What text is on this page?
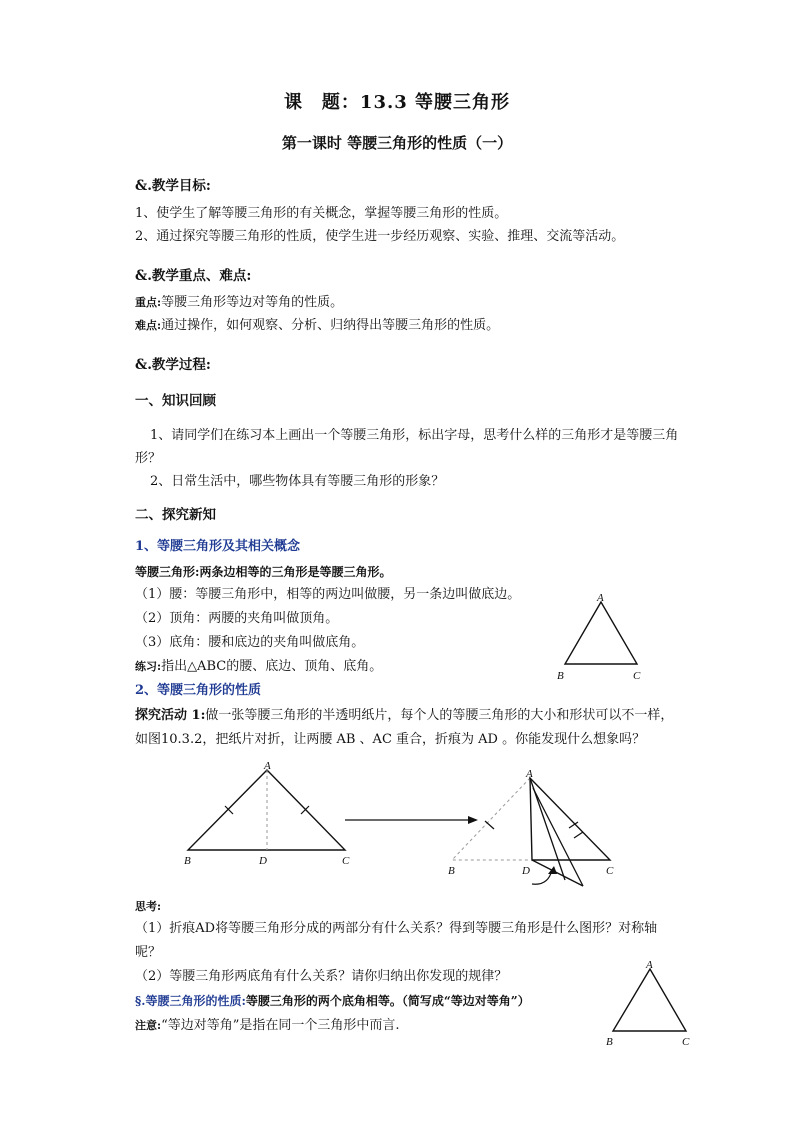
课　题：13.3 等腰三角形
第一课时 等腰三角形的性质（一）
&.教学目标:
1、使学生了解等腰三角形的有关概念，掌握等腰三角形的性质。
2、通过探究等腰三角形的性质，使学生进一步经历观察、实验、推理、交流等活动。
&.教学重点、难点:
重点:等腰三角形等边对等角的性质。
难点:通过操作，如何观察、分析、归纳得出等腰三角形的性质。
&.教学过程:
一、知识回顾
1、请同学们在练习本上画出一个等腰三角形，标出字母，思考什么样的三角形才是等腰三角
形？
2、日常生活中，哪些物体具有等腰三角形的形象？
二、探究新知
1、等腰三角形及其相关概念
等腰三角形:两条边相等的三角形是等腰三角形。
（1）腰：等腰三角形中，相等的两边叫做腰，另一条边叫做底边。
（2）顶角：两腰的夹角叫做顶角。
（3）底角：腰和底边的夹角叫做底角。
练习:指出△ABC的腰、底边、顶角、底角。
A
B	C
2、等腰三角形的性质
探究活动 1:做一张等腰三角形的半透明纸片，每个人的等腰三角形的大小和形状可以不一样，
如图10.3.2，把纸片对折，让两腰 AB 、AC 重合，折痕为 AD 。你能发现什么想象吗？
A
B	D	C
A
B	D	C
思考:
（1）折痕AD将等腰三角形分成的两部分有什么关系？得到等腰三角形是什么图形？对称轴
呢？
（2）等腰三角形两底角有什么关系？请你归纳出你发现的规律？
§.等腰三角形的性质:等腰三角形的两个底角相等。（简写成“等边对等角”）
注意:“等边对等角”是指在同一个三角形中而言.
A
B	C
